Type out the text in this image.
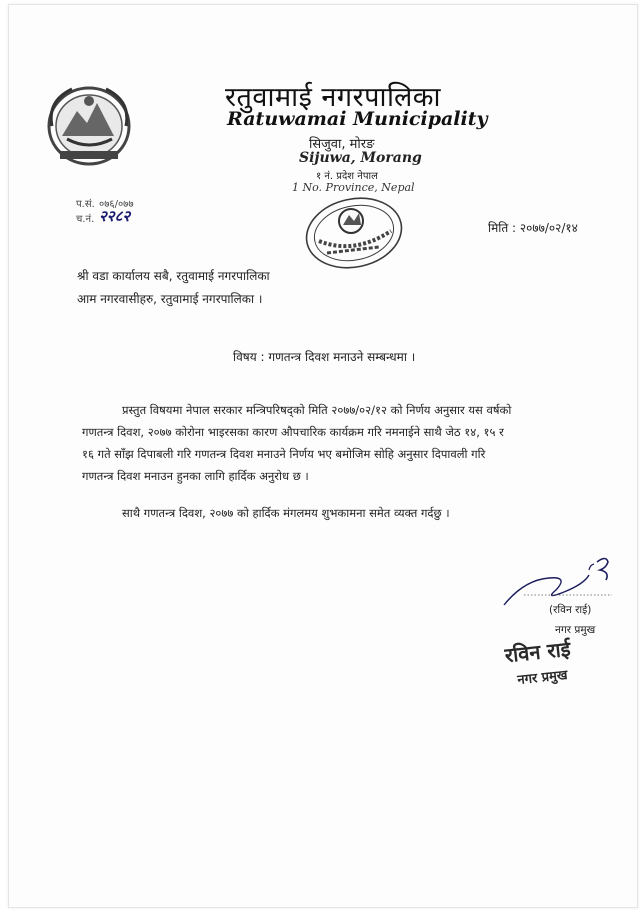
रतुवामाई नगरपालिका
Ratuwamai Municipality
सिजुवा, मोरङ
Sijuwa, Morang
१ नं. प्रदेश नेपाल
1 No. Province, Nepal
प.सं. ०७६/०७७
च.नं. २२८२
मिति : २०७७/०२/१४
श्री वडा कार्यालय सबै, रतुवामाई नगरपालिका
आम नगरवासीहरु, रतुवामाई नगरपालिका ।
विषय : गणतन्त्र दिवश मनाउने सम्बन्धमा ।
प्रस्तुत विषयमा नेपाल सरकार मन्त्रिपरिषद्को मिति २०७७/०२/१२ को निर्णय अनुसार यस वर्षको
गणतन्त्र दिवश, २०७७ कोरोना भाइरसका कारण औपचारिक कार्यक्रम गरि नमनाईने साथै जेठ १४, १५ र
१६ गते साँझ दिपाबली गरि गणतन्त्र दिवश मनाउने निर्णय भए बमोजिम सोहि अनुसार दिपावली गरि
गणतन्त्र दिवश मनाउन हुनका लागि हार्दिक अनुरोध छ ।
साथै गणतन्त्र दिवश, २०७७ को हार्दिक मंगलमय शुभकामना समेत व्यक्त गर्दछु ।
(रविन राई)
नगर प्रमुख
रविन राई
नगर प्रमुख
